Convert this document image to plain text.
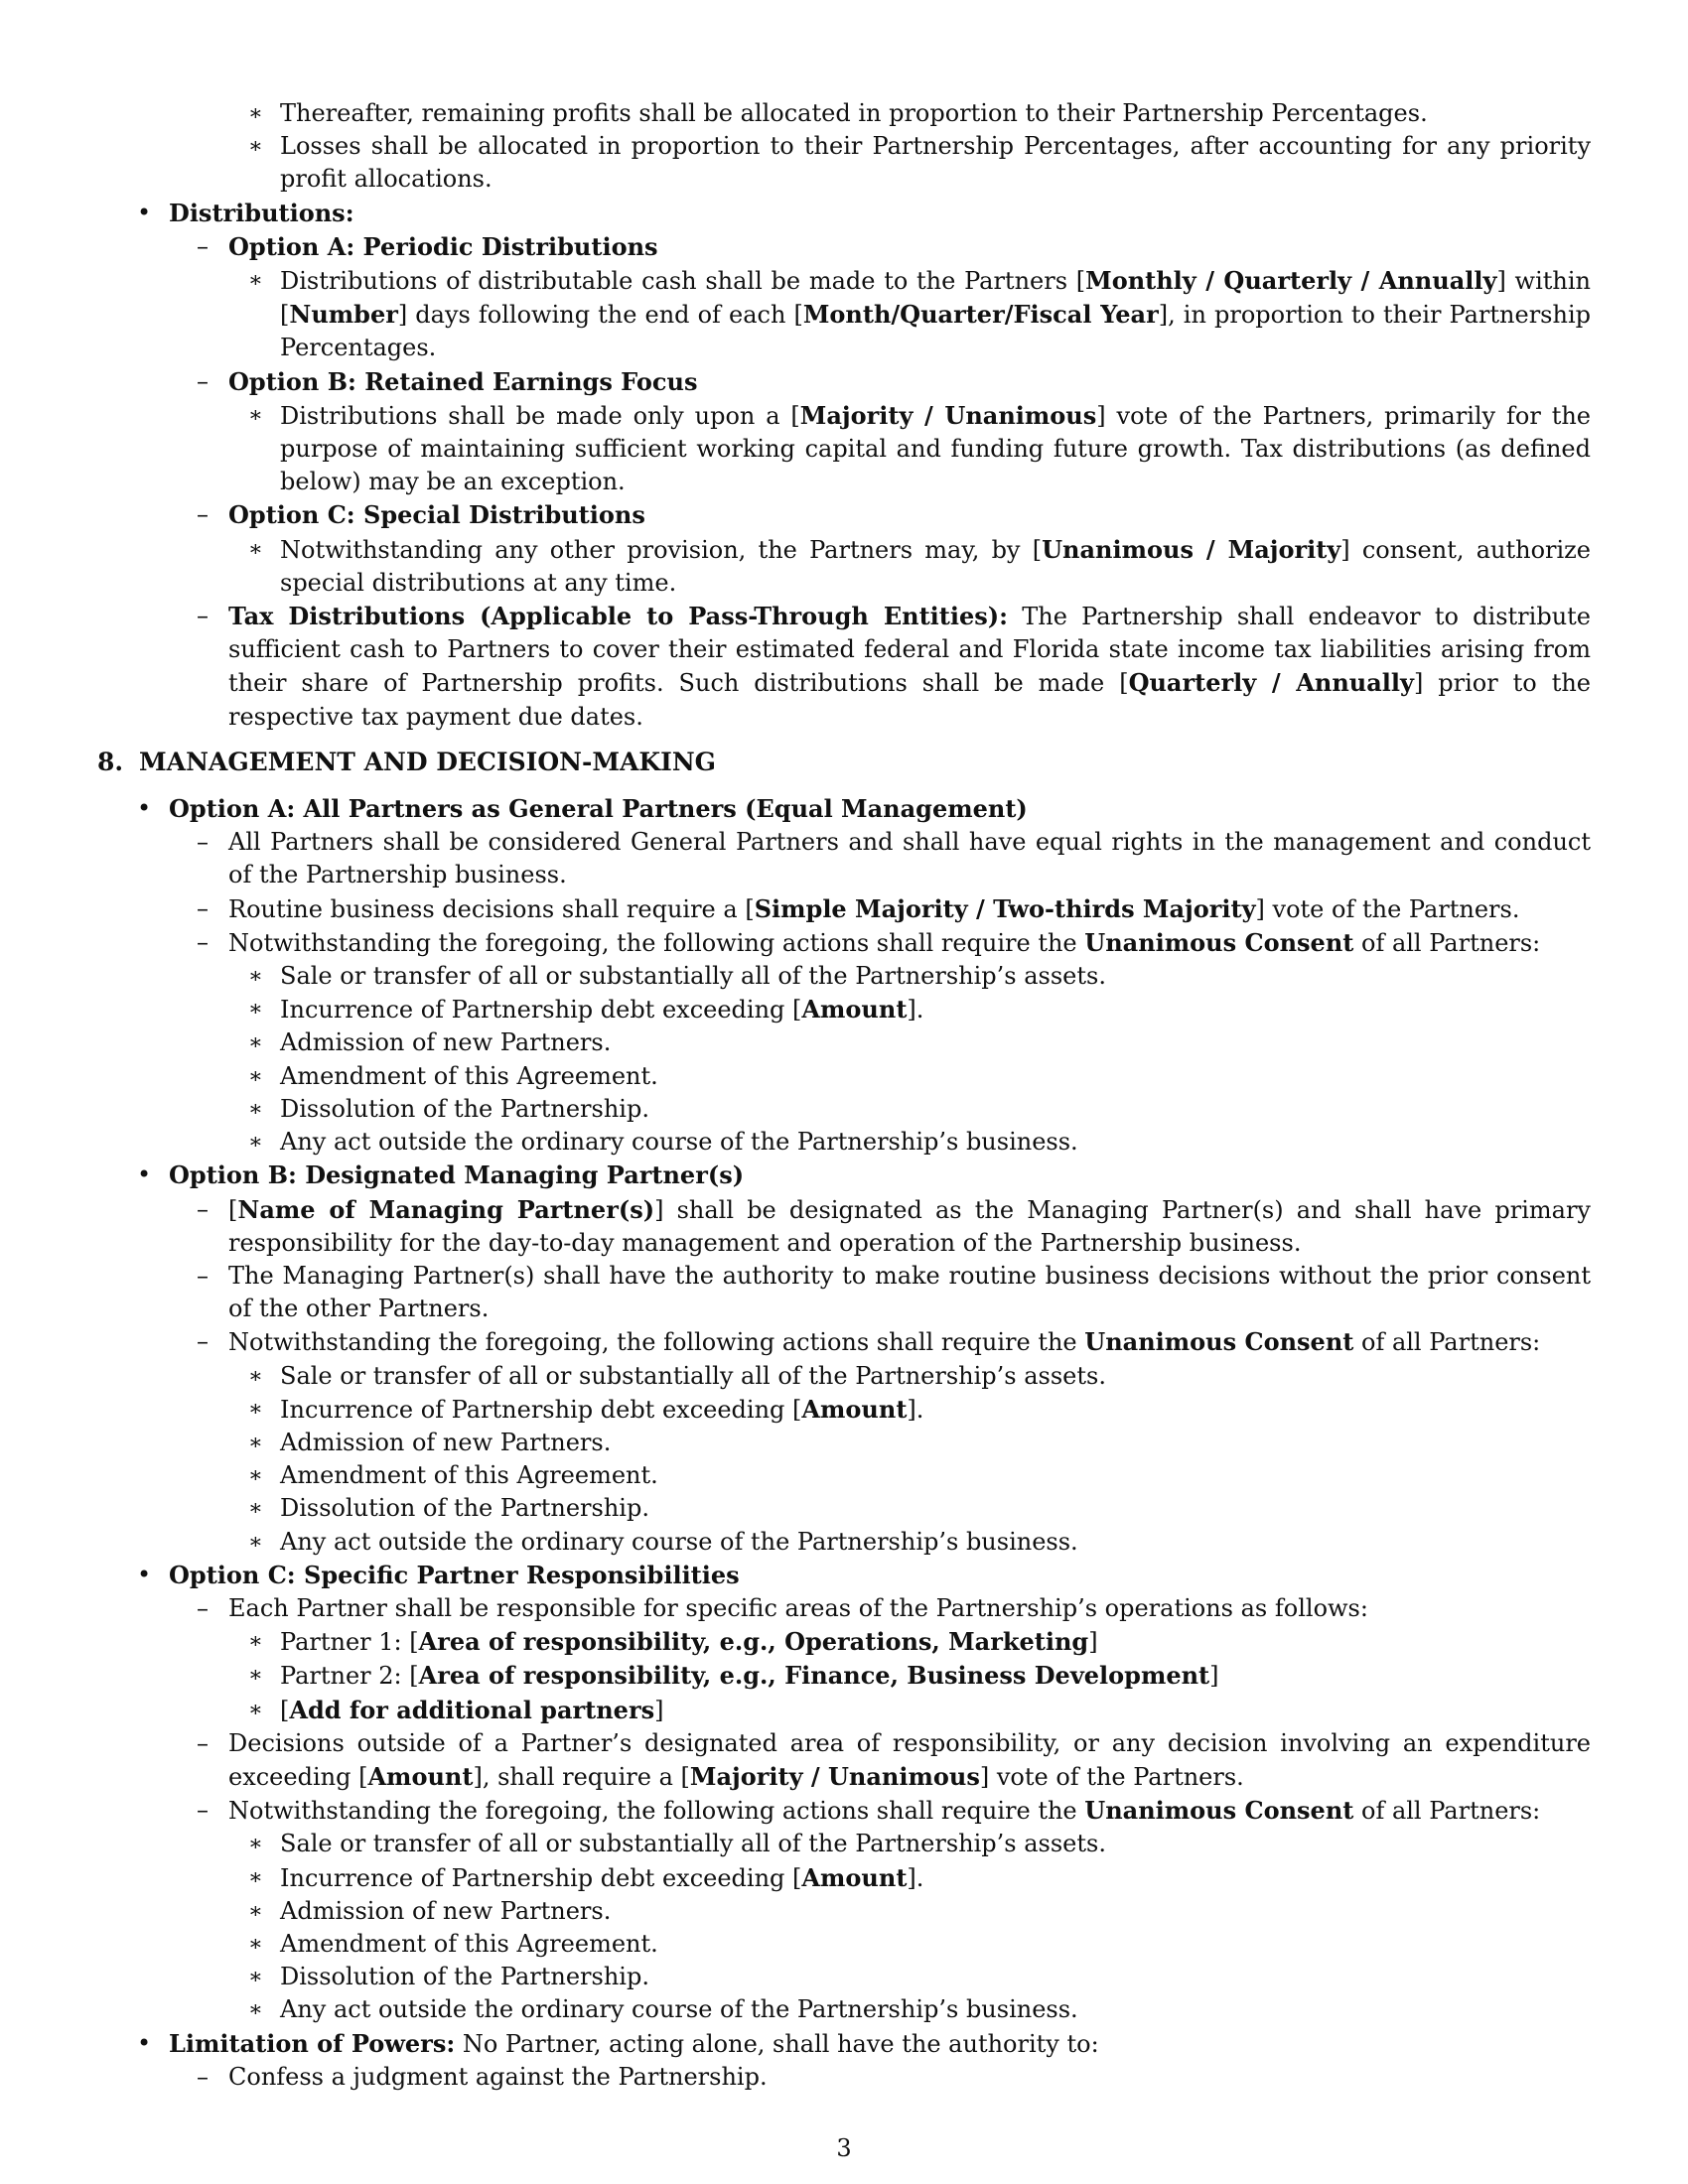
∗ Thereafter, remaining profits shall be allocated in proportion to their Partnership Percentages.

∗ Losses shall be allocated in proportion to their Partnership Percentages, after accounting for any priority profit allocations.

• Distributions:

– Option A: Periodic Distributions

∗ Distributions of distributable cash shall be made to the Partners [Monthly / Quarterly / Annually] within [Number] days following the end of each [Month/Quarter/Fiscal Year], in proportion to their Partnership Percentages.

– Option B: Retained Earnings Focus

∗ Distributions shall be made only upon a [Majority / Unanimous] vote of the Partners, primarily for the purpose of maintaining sufficient working capital and funding future growth. Tax distributions (as defined below) may be an exception.

– Option C: Special Distributions

∗ Notwithstanding any other provision, the Partners may, by [Unanimous / Majority] consent, authorize special distributions at any time.

– Tax Distributions (Applicable to Pass-Through Entities): The Partnership shall endeavor to distribute sufficient cash to Partners to cover their estimated federal and Florida state income tax liabilities arising from their share of Partnership profits. Such distributions shall be made [Quarterly / Annually] prior to the respective tax payment due dates.

8. MANAGEMENT AND DECISION-MAKING

• Option A: All Partners as General Partners (Equal Management)

– All Partners shall be considered General Partners and shall have equal rights in the management and conduct of the Partnership business.

– Routine business decisions shall require a [Simple Majority / Two-thirds Majority] vote of the Partners.

– Notwithstanding the foregoing, the following actions shall require the Unanimous Consent of all Partners:

∗ Sale or transfer of all or substantially all of the Partnership’s assets.

∗ Incurrence of Partnership debt exceeding [Amount].

∗ Admission of new Partners.

∗ Amendment of this Agreement.

∗ Dissolution of the Partnership.

∗ Any act outside the ordinary course of the Partnership’s business.

• Option B: Designated Managing Partner(s)

– [Name of Managing Partner(s)] shall be designated as the Managing Partner(s) and shall have primary responsibility for the day-to-day management and operation of the Partnership business.

– The Managing Partner(s) shall have the authority to make routine business decisions without the prior consent of the other Partners.

– Notwithstanding the foregoing, the following actions shall require the Unanimous Consent of all Partners:

∗ Sale or transfer of all or substantially all of the Partnership’s assets.

∗ Incurrence of Partnership debt exceeding [Amount].

∗ Admission of new Partners.

∗ Amendment of this Agreement.

∗ Dissolution of the Partnership.

∗ Any act outside the ordinary course of the Partnership’s business.

• Option C: Specific Partner Responsibilities

– Each Partner shall be responsible for specific areas of the Partnership’s operations as follows:

∗ Partner 1: [Area of responsibility, e.g., Operations, Marketing]

∗ Partner 2: [Area of responsibility, e.g., Finance, Business Development]

∗ [Add for additional partners]

– Decisions outside of a Partner’s designated area of responsibility, or any decision involving an expenditure exceeding [Amount], shall require a [Majority / Unanimous] vote of the Partners.

– Notwithstanding the foregoing, the following actions shall require the Unanimous Consent of all Partners:

∗ Sale or transfer of all or substantially all of the Partnership’s assets.

∗ Incurrence of Partnership debt exceeding [Amount].

∗ Admission of new Partners.

∗ Amendment of this Agreement.

∗ Dissolution of the Partnership.

∗ Any act outside the ordinary course of the Partnership’s business.

• Limitation of Powers: No Partner, acting alone, shall have the authority to:

– Confess a judgment against the Partnership.

3
